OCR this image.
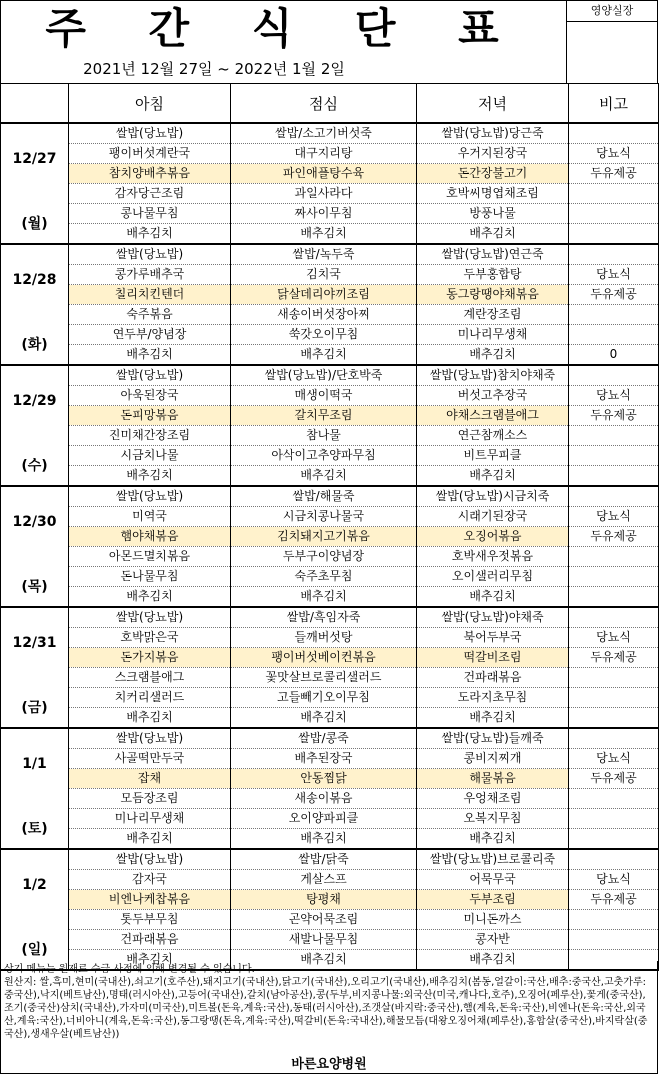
주 간 식 단 표
2021년 12월 27일 ~ 2022년 1월 2일
영양실장
	아침	점심	저녁	비고

12/27
(월)	쌀밥(당뇨밥)	쌀밥/소고기버섯죽	쌀밥(당뇨밥)당근죽	
	팽이버섯계란국	대구지리탕	우거지된장국	당뇨식
	참치양배추볶음	파인애플탕수육	돈간장불고기	두유제공
	감자당근조림	과일사라다	호박씨명엽채조림	
	콩나물무침	짜사이무침	방풍나물	
	배추김치	배추김치	배추김치	

12/28
(화)	쌀밥(당뇨밥)	쌀밥/녹두죽	쌀밥(당뇨밥)연근죽	
	콩가루배추국	김치국	두부홍합탕	당뇨식
	칠리치킨텐더	닭살데리야끼조림	동그랑땡야채볶음	두유제공
	숙주볶음	새송이버섯장아찌	계란장조림	
	연두부/양념장	쑥갓오이무침	미나리무생채	
	배추김치	배추김치	배추김치	0

12/29
(수)	쌀밥(당뇨밥)	쌀밥(당뇨밥)/단호박죽	쌀밥(당뇨밥)참치야채죽	
	아욱된장국	매생이떡국	버섯고추장국	당뇨식
	돈피망볶음	갈치무조림	야채스크램블애그	두유제공
	진미채간장조림	참나물	연근참깨소스	
	시금치나물	아삭이고추양파무침	비트무피클	
	배추김치	배추김치	배추김치	

12/30
(목)	쌀밥(당뇨밥)	쌀밥/해물죽	쌀밥(당뇨밥)시금치죽	
	미역국	시금치콩나물국	시래기된장국	당뇨식
	햄야채볶음	김치돼지고기볶음	오징어볶음	두유제공
	아몬드멸치볶음	두부구이양념장	호박새우젓볶음	
	돈나물무침	숙주초무침	오이샐러리무침	
	배추김치	배추김치	배추김치	

12/31
(금)	쌀밥(당뇨밥)	쌀밥/흑임자죽	쌀밥(당뇨밥)야채죽	
	호박맑은국	들깨버섯탕	북어두부국	당뇨식
	돈가지볶음	팽이버섯베이컨볶음	떡갈비조림	두유제공
	스크램블애그	꽃맛살브로콜리샐러드	건파래볶음	
	치커리샐러드	고들빼기오이무침	도라지초무침	
	배추김치	배추김치	배추김치	

1/1
(토)	쌀밥(당뇨밥)	쌀밥/콩죽	쌀밥(당뇨밥)들깨죽	
	사골떡만두국	배추된장국	콩비지찌개	당뇨식
	잡채	안동찜닭	해물볶음	두유제공
	모듬장조림	새송이볶음	우엉채조림	
	미나리무생채	오이양파피클	오복지무침	
	배추김치	배추김치	배추김치	

1/2
(일)	쌀밥(당뇨밥)	쌀밥/닭죽	쌀밥(당뇨밥)브로콜리죽	
	감자국	게살스프	어묵무국	당뇨식
	비엔나케찹볶음	탕평채	두부조림	두유제공
	톳두부무침	곤약어묵조림	미니돈까스	
	건파래볶음	새발나물무침	콩자반	
	배추김치	배추김치	배추김치	
상기 메뉴는 원재료 수급 사정에 의해 변경될 수 있습니다.
원산지: 쌀,흑미,현미(국내산),쇠고기(호주산),돼지고기(국내산),닭고기(국내산),오리고기(국내산),배추김치(봄동,얼갈이:국산,배추:중국산,고춧가루:중국산),낙지(베트남산),명태(러시아산),고등어(국내산),갈치(남아공산),콩(두부,비지콩나물:외국산(미국,캐나다,호주),오징어(페루산),꽃게(중국산),조기(중국산)삼치(국내산),가자미(미국산),미트볼(돈육,계육:국산),동태(러시아산),조갯살(바지락:중국산),햄(계육,돈육:국산),비엔나(돈육:국산,외국산,계육:국산),너비아니(계육,돈육:국산),동그랑땡(돈육,계육:국산),떡갈비(돈육:국내산),해물모듬(대왕오징어채(페루산),홍합살(중국산),바지락살(중국산),생새우살(베트남산))
바른요양병원
